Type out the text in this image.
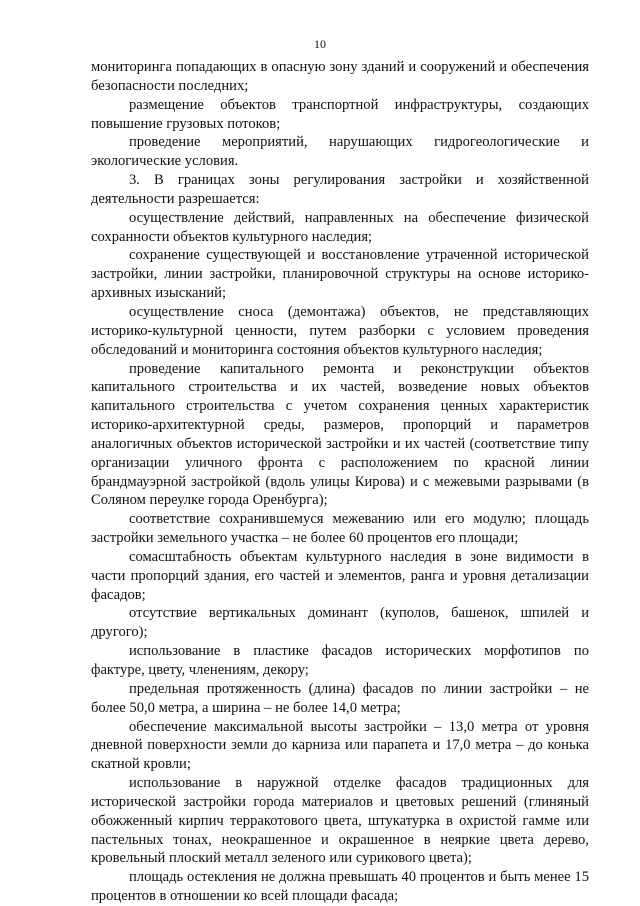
10

мониторинга попадающих в опасную зону зданий и сооружений и обеспечения безопасности последних;

размещение объектов транспортной инфраструктуры, создающих повышение грузовых потоков;

проведение мероприятий, нарушающих гидрогеологические и экологические условия.

3. В границах зоны регулирования застройки и хозяйственной деятельности разрешается:

осуществление действий, направленных на обеспечение физической сохранности объектов культурного наследия;

сохранение существующей и восстановление утраченной исторической застройки, линии застройки, планировочной структуры на основе историко-архивных изысканий;

осуществление сноса (демонтажа) объектов, не представляющих историко-культурной ценности, путем разборки с условием проведения обследований и мониторинга состояния объектов культурного наследия;

проведение капитального ремонта и реконструкции объектов капитального строительства и их частей, возведение новых объектов капитального строительства с учетом сохранения ценных характеристик историко-архитектурной среды, размеров, пропорций и параметров аналогичных объектов исторической застройки и их частей (соответствие типу организации уличного фронта с расположением по красной линии брандмауэрной застройкой (вдоль улицы Кирова) и с межевыми разрывами (в Соляном переулке города Оренбурга);

соответствие сохранившемуся межеванию или его модулю; площадь застройки земельного участка – не более 60 процентов его площади;

сомасштабность объектам культурного наследия в зоне видимости в части пропорций здания, его частей и элементов, ранга и уровня детализации фасадов;

отсутствие вертикальных доминант (куполов, башенок, шпилей и другого);

использование в пластике фасадов исторических морфотипов по фактуре, цвету, членениям, декору;

предельная протяженность (длина) фасадов по линии застройки – не более 50,0 метра, а ширина – не более 14,0 метра;

обеспечение максимальной высоты застройки – 13,0 метра от уровня дневной поверхности земли до карниза или парапета и 17,0 метра – до конька скатной кровли;

использование в наружной отделке фасадов традиционных для исторической застройки города материалов и цветовых решений (глиняный обожженный кирпич терракотового цвета, штукатурка в охристой гамме или пастельных тонах, неокрашенное и окрашенное в неяркие цвета дерево, кровельный плоский металл зеленого или сурикового цвета);

площадь остекления не должна превышать 40 процентов и быть менее 15 процентов в отношении ко всей площади фасада;
